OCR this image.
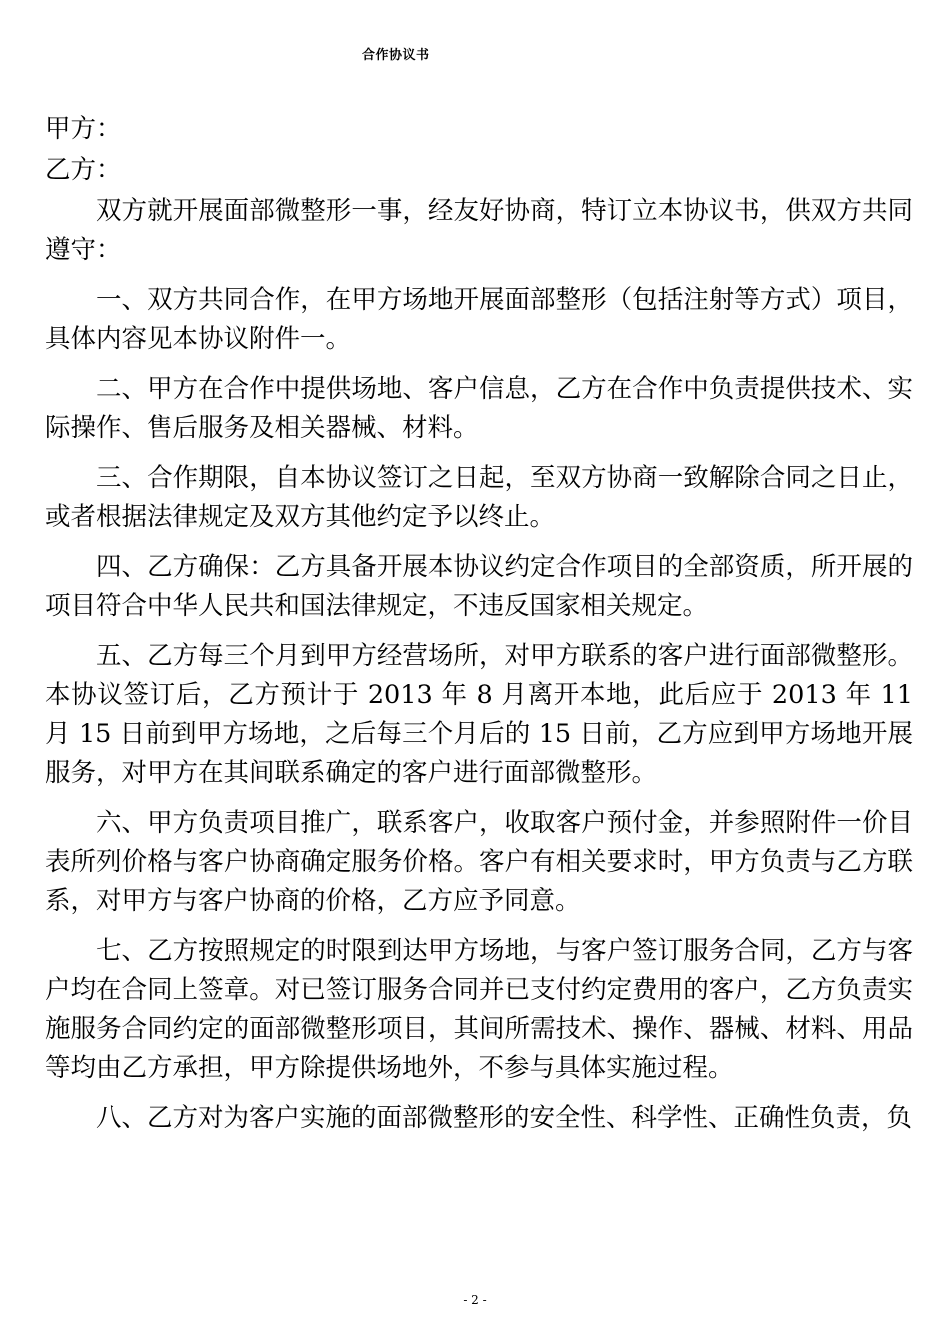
合作协议书

甲方：

乙方：

双方就开展面部微整形一事，经友好协商，特订立本协议书，供双方共同遵守：

一、双方共同合作，在甲方场地开展面部整形（包括注射等方式）项目，具体内容见本协议附件一。

二、甲方在合作中提供场地、客户信息，乙方在合作中负责提供技术、实际操作、售后服务及相关器械、材料。

三、合作期限，自本协议签订之日起，至双方协商一致解除合同之日止，或者根据法律规定及双方其他约定予以终止。

四、乙方确保：乙方具备开展本协议约定合作项目的全部资质，所开展的项目符合中华人民共和国法律规定，不违反国家相关规定。

五、乙方每三个月到甲方经营场所，对甲方联系的客户进行面部微整形。本协议签订后，乙方预计于 2013 年 8 月离开本地，此后应于 2013 年 11 月 15 日前到甲方场地，之后每三个月后的 15 日前，乙方应到甲方场地开展服务，对甲方在其间联系确定的客户进行面部微整形。

六、甲方负责项目推广，联系客户，收取客户预付金，并参照附件一价目表所列价格与客户协商确定服务价格。客户有相关要求时，甲方负责与乙方联系，对甲方与客户协商的价格，乙方应予同意。

七、乙方按照规定的时限到达甲方场地，与客户签订服务合同，乙方与客户均在合同上签章。对已签订服务合同并已支付约定费用的客户，乙方负责实施服务合同约定的面部微整形项目，其间所需技术、操作、器械、材料、用品等均由乙方承担，甲方除提供场地外，不参与具体实施过程。

八、乙方对为客户实施的面部微整形的安全性、科学性、正确性负责，负

- 2 -
